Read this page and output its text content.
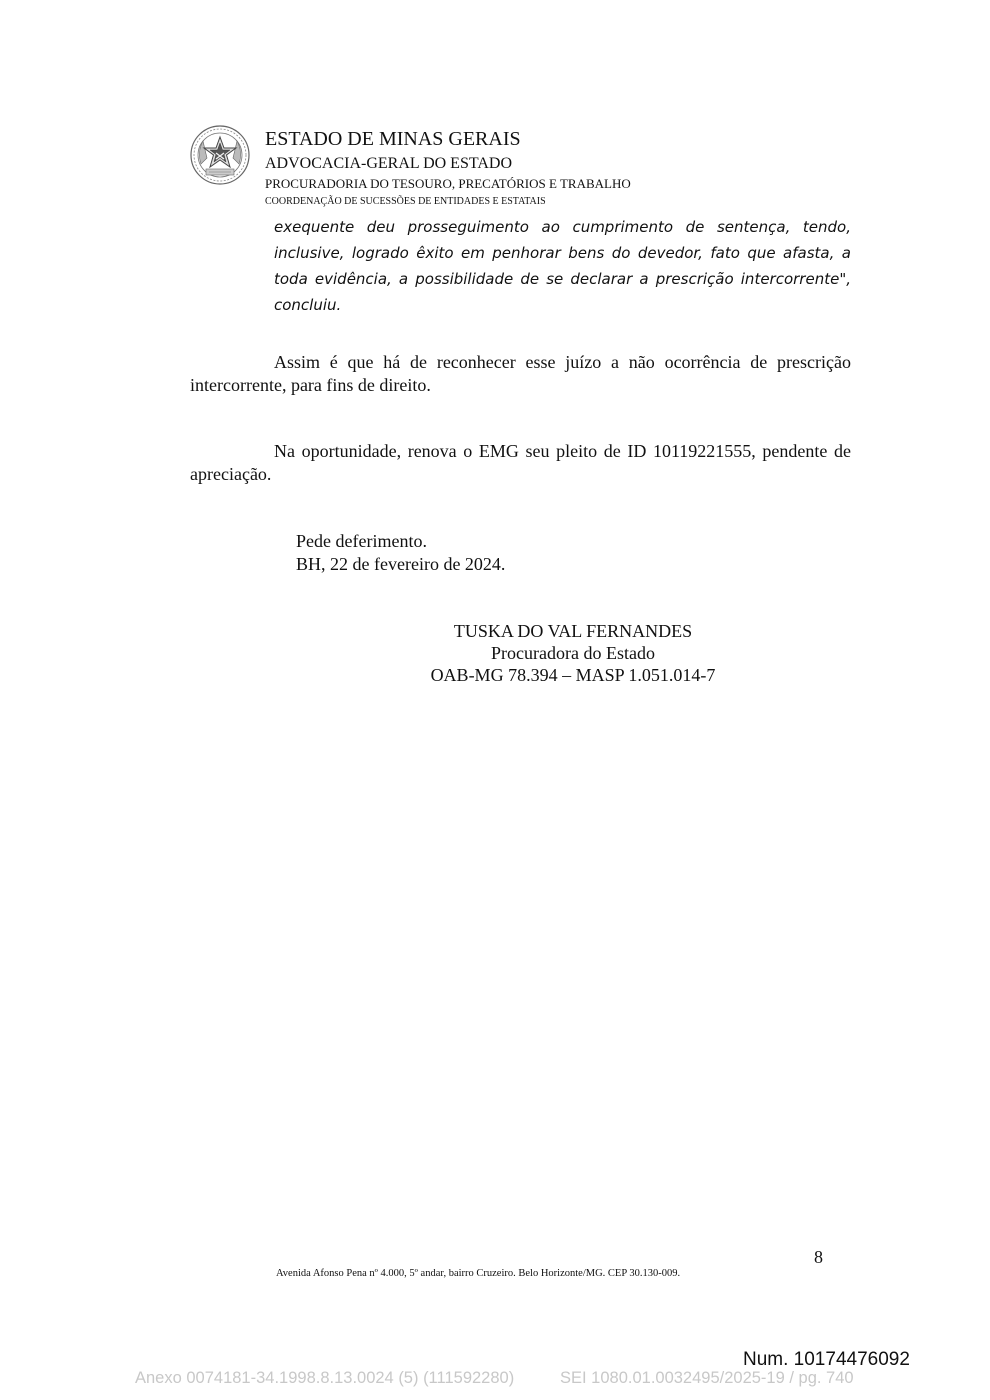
ESTADO DE MINAS GERAIS
ADVOCACIA-GERAL DO ESTADO
PROCURADORIA DO TESOURO, PRECATÓRIOS E TRABALHO
COORDENAÇÃO DE SUCESSÕES DE ENTIDADES E ESTATAIS
exequente deu prosseguimento ao cumprimento de sentença, tendo,
inclusive, logrado êxito em penhorar bens do devedor, fato que afasta, a
toda evidência, a possibilidade de se declarar a prescrição intercorrente",
concluiu.
Assim é que há de reconhecer esse juízo a não ocorrência de prescrição intercorrente, para fins de direito.
Na oportunidade, renova o EMG seu pleito de ID 10119221555, pendente de apreciação.
Pede deferimento.
BH, 22 de fevereiro de 2024.
TUSKA DO VAL FERNANDES
Procuradora do Estado
OAB-MG 78.394 – MASP 1.051.014-7
8
Avenida Afonso Pena nº 4.000, 5º andar, bairro Cruzeiro. Belo Horizonte/MG. CEP 30.130-009.
Num. 10174476092
Anexo 0074181-34.1998.8.13.0024 (5) (111592280)	SEI 1080.01.0032495/2025-19 / pg. 740
